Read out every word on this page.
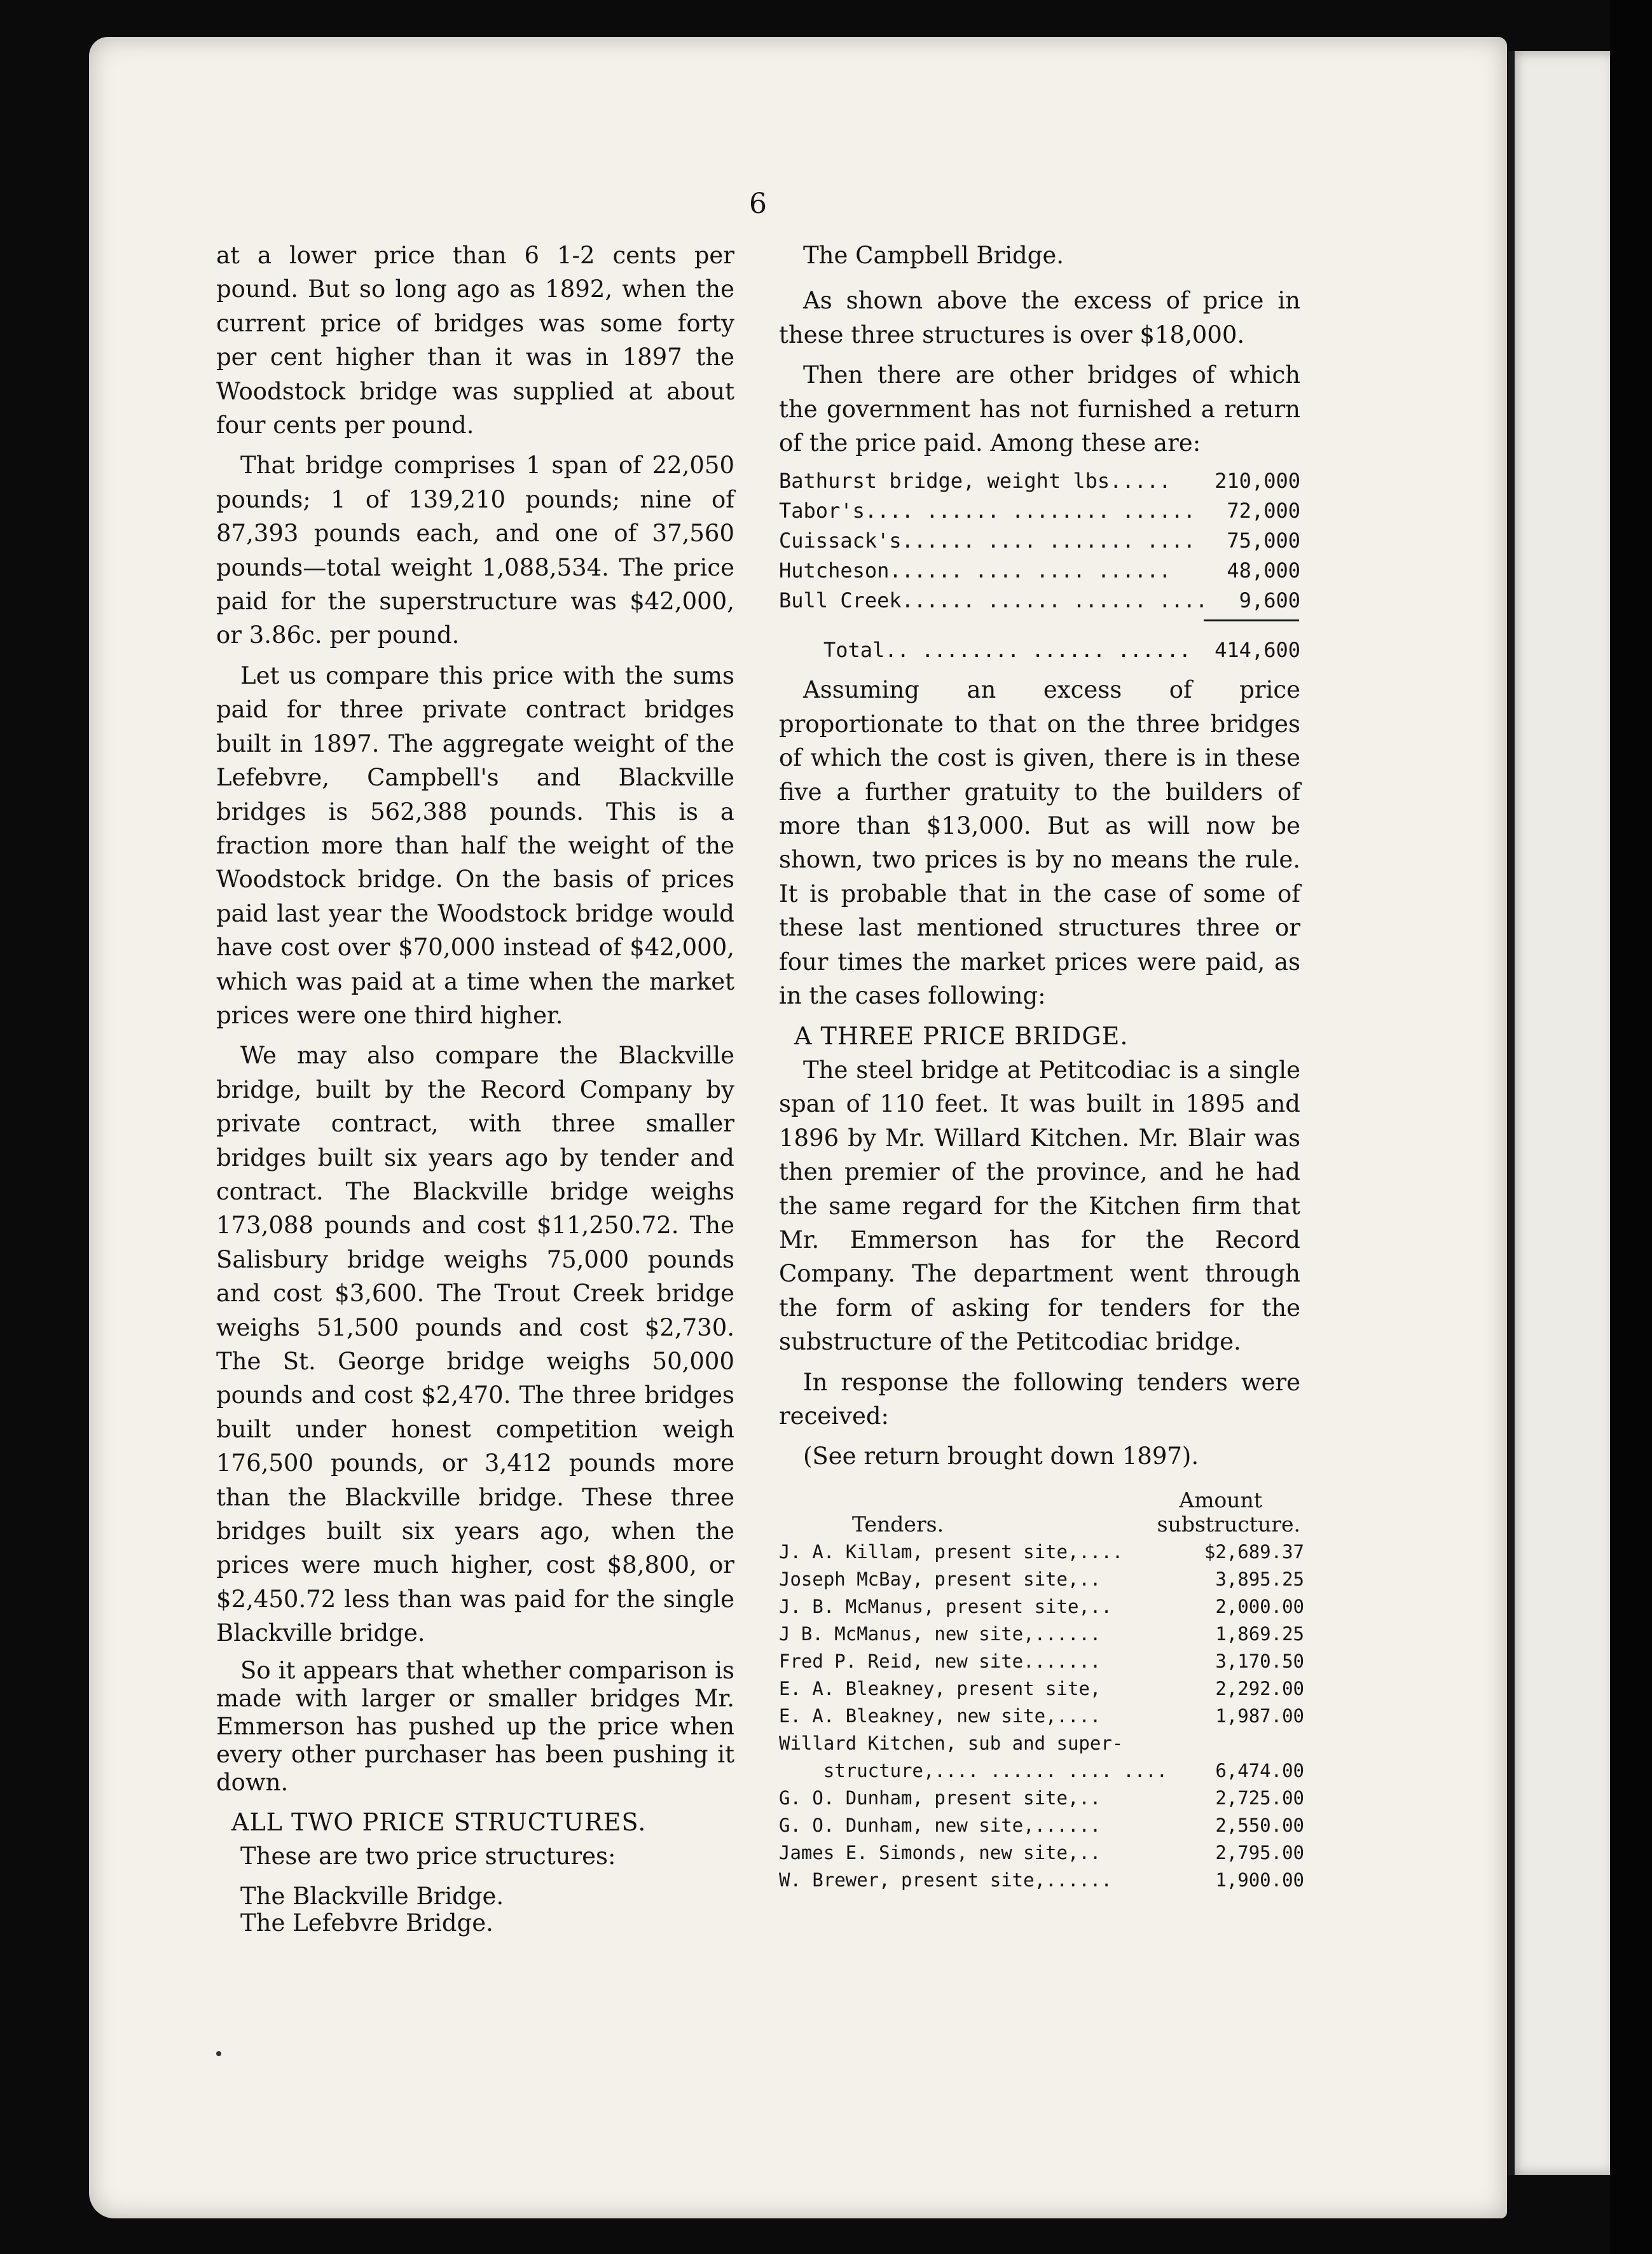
6

at a lower price than 6 1-2 cents per pound. But so long ago as 1892, when the current price of bridges was some forty per cent higher than it was in 1897 the Woodstock bridge was supplied at about four cents per pound.

That bridge comprises 1 span of 22,050 pounds; 1 of 139,210 pounds; nine of 87,393 pounds each, and one of 37,560 pounds—total weight 1,088,534. The price paid for the superstructure was $42,000, or 3.86c. per pound.

Let us compare this price with the sums paid for three private contract bridges built in 1897. The aggregate weight of the Lefebvre, Campbell's and Blackville bridges is 562,388 pounds. This is a fraction more than half the weight of the Woodstock bridge. On the basis of prices paid last year the Woodstock bridge would have cost over $70,000 instead of $42,000, which was paid at a time when the market prices were one third higher.

We may also compare the Blackville bridge, built by the Record Company by private contract, with three smaller bridges built six years ago by tender and contract. The Blackville bridge weighs 173,088 pounds and cost $11,250.72. The Salisbury bridge weighs 75,000 pounds and cost $3,600. The Trout Creek bridge weighs 51,500 pounds and cost $2,730. The St. George bridge weighs 50,000 pounds and cost $2,470. The three bridges built under honest competition weigh 176,500 pounds, or 3,412 pounds more than the Blackville bridge. These three bridges built six years ago, when the prices were much higher, cost $8,800, or $2,450.72 less than was paid for the single Blackville bridge.

So it appears that whether comparison is made with larger or smaller bridges Mr. Emmerson has pushed up the price when every other purchaser has been pushing it down.

ALL TWO PRICE STRUCTURES.

These are two price structures:

The Blackville Bridge.
The Lefebvre Bridge.

The Campbell Bridge.

As shown above the excess of price in these three structures is over $18,000.

Then there are other bridges of which the government has not furnished a return of the price paid. Among these are:

Bathurst bridge, weight lbs.....	210,000
Tabor's.... ...... ........ ......	72,000
Cuissack's...... .... ....... ....	75,000
Hutcheson...... .... .... ......	48,000
Bull Creek...... ...... ...... ....	9,600
Total.. ........ ...... ......	414,600

Assuming an excess of price proportionate to that on the three bridges of which the cost is given, there is in these five a further gratuity to the builders of more than $13,000. But as will now be shown, two prices is by no means the rule. It is probable that in the case of some of these last mentioned structures three or four times the market prices were paid, as in the cases following:

A THREE PRICE BRIDGE.

The steel bridge at Petitcodiac is a single span of 110 feet. It was built in 1895 and 1896 by Mr. Willard Kitchen. Mr. Blair was then premier of the province, and he had the same regard for the Kitchen firm that Mr. Emmerson has for the Record Company. The department went through the form of asking for tenders for the substructure of the Petitcodiac bridge.

In response the following tenders were received:

(See return brought down 1897).

Tenders.
Amount
substructure.
J. A. Killam, present site,....	$2,689.37
Joseph McBay, present site,..	3,895.25
J. B. McManus, present site,..	2,000.00
J B. McManus, new site,......	1,869.25
Fred P. Reid, new site.......	3,170.50
E. A. Bleakney, present site,	2,292.00
E. A. Bleakney, new site,....	1,987.00
Willard Kitchen, sub and super-	
structure,.... ...... .... ....	6,474.00
G. O. Dunham, present site,..	2,725.00
G. O. Dunham, new site,......	2,550.00
James E. Simonds, new site,..	2,795.00
W. Brewer, present site,......	1,900.00
